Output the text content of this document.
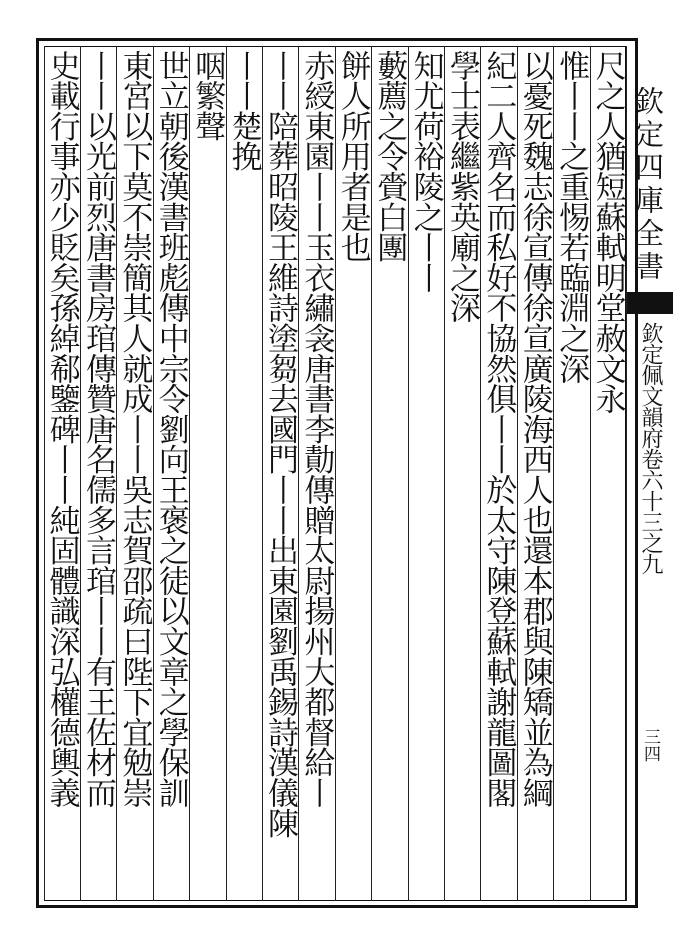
欽定四庫全書
欽定佩文韻府卷六十三之九
三四
尺之人猶短蘇軾明堂赦文永
惟丨丨之重惕若臨淵之深
以憂死魏志徐宣傳徐宣廣陵海西人也還本郡與陳矯並為綱
紀二人齊名而私好不協然俱丨丨於太守陳登蘇軾謝龍圖閣
學士表繼紫英廟之深
知尤荷裕陵之丨丨
藪薦之令賫白團
餅人所用者是也
赤綬東園丨丨玉衣繡衾唐書李勣傳贈太尉揚州大都督給丨
丨丨陪葬昭陵王維詩塗芻去國門丨丨出東園劉禹錫詩漢儀陳
丨丨楚挽
咽繁聲
世立朝後漢書班彪傳中宗令劉向王褒之徒以文章之學保訓
東宮以下莫不崇簡其人就成丨丨吳志賀邵疏曰陛下宜勉崇
丨丨以光前烈唐書房琯傳贊唐名儒多言琯丨丨有王佐材而
史載行事亦少貶矣孫綽郗鑒碑丨丨純固體識深弘權德輿義
